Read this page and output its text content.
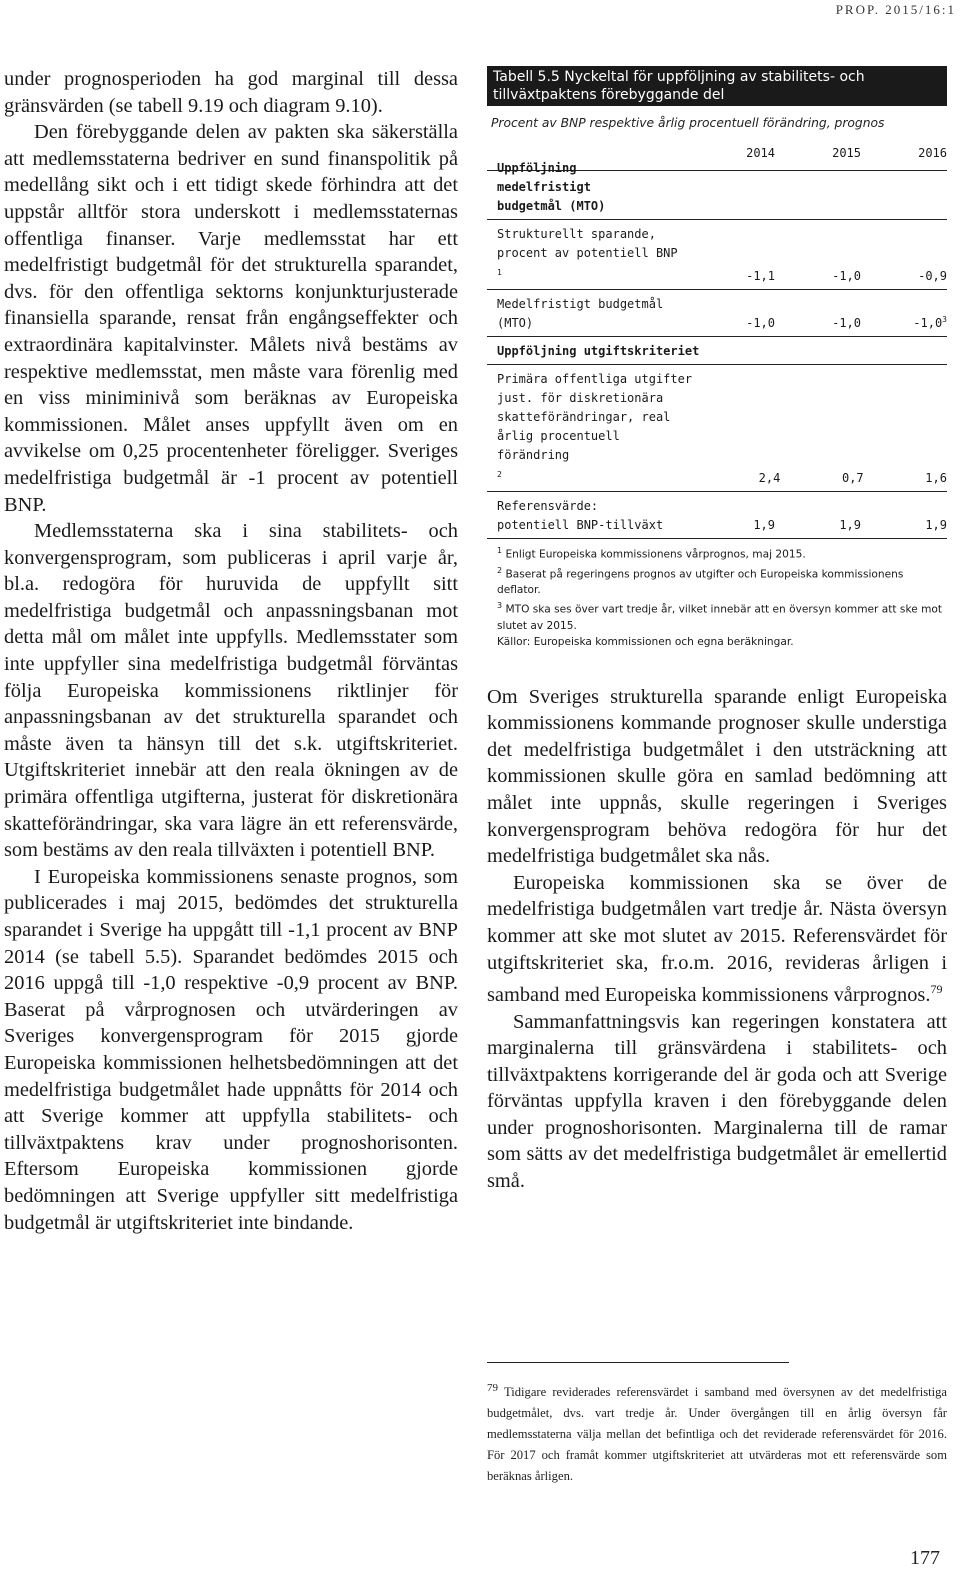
PROP. 2015/16:1

under prognosperioden ha god marginal till dessa gränsvärden (se tabell 9.19 och diagram 9.10).

Den förebyggande delen av pakten ska säkerställa att medlemsstaterna bedriver en sund finanspolitik på medellång sikt och i ett tidigt skede förhindra att det uppstår alltför stora underskott i medlemsstaternas offentliga finanser. Varje medlemsstat har ett medelfristigt budgetmål för det strukturella sparandet, dvs. för den offentliga sektorns konjunkturjusterade finansiella sparande, rensat från engångseffekter och extraordinära kapitalvinster. Målets nivå bestäms av respektive medlemsstat, men måste vara förenlig med en viss miniminivå som beräknas av Europeiska kommissionen. Målet anses uppfyllt även om en avvikelse om 0,25 procentenheter föreligger. Sveriges medelfristiga budgetmål är -1 procent av potentiell BNP.

Medlemsstaterna ska i sina stabilitets- och konvergensprogram, som publiceras i april varje år, bl.a. redogöra för huruvida de uppfyllt sitt medelfristiga budgetmål och anpassningsbanan mot detta mål om målet inte uppfylls. Medlemsstater som inte uppfyller sina medelfristiga budgetmål förväntas följa Europeiska kommissionens riktlinjer för anpassningsbanan av det strukturella sparandet och måste även ta hänsyn till det s.k. utgiftskriteriet. Utgiftskriteriet innebär att den reala ökningen av de primära offentliga utgifterna, justerat för diskretionära skatteförändringar, ska vara lägre än ett referensvärde, som bestäms av den reala tillväxten i potentiell BNP.

I Europeiska kommissionens senaste prognos, som publicerades i maj 2015, bedömdes det strukturella sparandet i Sverige ha uppgått till -1,1 procent av BNP 2014 (se tabell 5.5). Sparandet bedömdes 2015 och 2016 uppgå till -1,0 respektive -0,9 procent av BNP. Baserat på vårprognosen och utvärderingen av Sveriges konvergensprogram för 2015 gjorde Europeiska kommissionen helhetsbedömningen att det medelfristiga budgetmålet hade uppnåtts för 2014 och att Sverige kommer att uppfylla stabilitets- och tillväxtpaktens krav under prognoshorisonten. Eftersom Europeiska kommissionen gjorde bedömningen att Sverige uppfyller sitt medelfristiga budgetmål är utgiftskriteriet inte bindande.

Tabell 5.5 Nyckeltal för uppföljning av stabilitets- och tillväxtpaktens förebyggande del
Procent av BNP respektive årlig procentuell förändring, prognos
2014	2015	2016
Uppföljning medelfristigt budgetmål (MTO)
Strukturellt sparande, procent av potentiell BNP$^1$	-1,1	-1,0	-0,9
Medelfristigt budgetmål (MTO)	-1,0	-1,0	$-1,0^3$
Uppföljning utgiftskriteriet
Primära offentliga utgifter just. för diskretionära skatteförändringar, real årlig procentuell förändring$^2$	2,4	0,7	1,6
Referensvärde: potentiell BNP-tillväxt	1,9	1,9	1,9
$^1$ Enligt Europeiska kommissionens vårprognos, maj 2015.
$^2$ Baserat på regeringens prognos av utgifter och Europeiska kommissionens deflator.
$^3$ MTO ska ses över vart tredje år, vilket innebär att en översyn kommer att ske mot slutet av 2015.
Källor: Europeiska kommissionen och egna beräkningar.

Om Sveriges strukturella sparande enligt Europeiska kommissionens kommande prognoser skulle understiga det medelfristiga budgetmålet i den utsträckning att kommissionen skulle göra en samlad bedömning att målet inte uppnås, skulle regeringen i Sveriges konvergensprogram behöva redogöra för hur det medelfristiga budgetmålet ska nås.

Europeiska kommissionen ska se över de medelfristiga budgetmålen vart tredje år. Nästa översyn kommer att ske mot slutet av 2015. Referensvärdet för utgiftskriteriet ska, fr.o.m. 2016, revideras årligen i samband med Europeiska kommissionens vårprognos.$^{79}$

Sammanfattningsvis kan regeringen konstatera att marginalerna till gränsvärdena i stabilitets- och tillväxtpaktens korrigerande del är goda och att Sverige förväntas uppfylla kraven i den förebyggande delen under prognoshorisonten. Marginalerna till de ramar som sätts av det medelfristiga budgetmålet är emellertid små.

$^{79}$ Tidigare reviderades referensvärdet i samband med översynen av det medelfristiga budgetmålet, dvs. vart tredje år. Under övergången till en årlig översyn får medlemsstaterna välja mellan det befintliga och det reviderade referensvärdet för 2016. För 2017 och framåt kommer utgiftskriteriet att utvärderas mot ett referensvärde som beräknas årligen.
177
